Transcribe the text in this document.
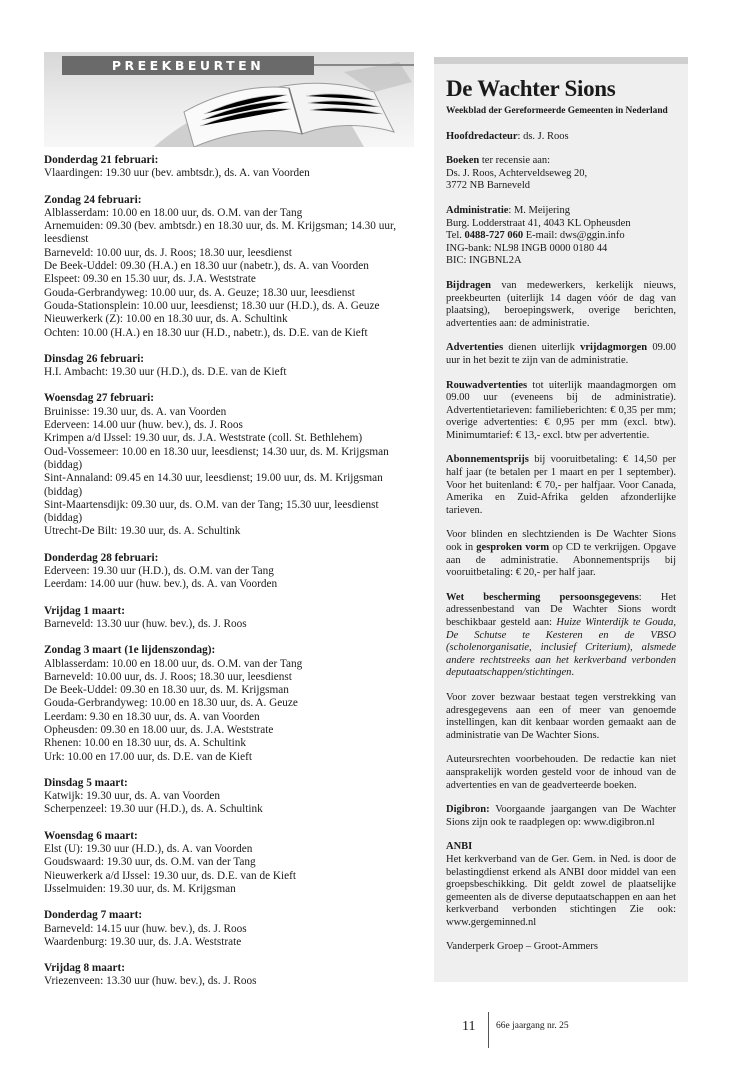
PREEKBEURTEN
Donderdag 21 februari:
Vlaardingen: 19.30 uur (bev. ambtsdr.), ds. A. van Voorden
Zondag 24 februari:
Alblasserdam: 10.00 en 18.00 uur, ds. O.M. van der Tang
Arnemuiden: 09.30 (bev. ambtsdr.) en 18.30 uur, ds. M. Krijgsman; 14.30 uur, leesdienst
Barneveld: 10.00 uur, ds. J. Roos; 18.30 uur, leesdienst
De Beek-Uddel: 09.30 (H.A.) en 18.30 uur (nabetr.), ds. A. van Voorden
Elspeet: 09.30 en 15.30 uur, ds. J.A. Weststrate
Gouda-Gerbrandyweg: 10.00 uur, ds. A. Geuze; 18.30 uur, leesdienst
Gouda-Stationsplein: 10.00 uur, leesdienst; 18.30 uur (H.D.), ds. A. Geuze
Nieuwerkerk (Z): 10.00 en 18.30 uur, ds. A. Schultink
Ochten: 10.00 (H.A.) en 18.30 uur (H.D., nabetr.), ds. D.E. van de Kieft
Dinsdag 26 februari:
H.I. Ambacht: 19.30 uur (H.D.), ds. D.E. van de Kieft
Woensdag 27 februari:
Bruinisse: 19.30 uur, ds. A. van Voorden
Ederveen: 14.00 uur (huw. bev.), ds. J. Roos
Krimpen a/d IJssel: 19.30 uur, ds. J.A. Weststrate (coll. St. Bethlehem)
Oud-Vossemeer: 10.00 en 18.30 uur, leesdienst; 14.30 uur, ds. M. Krijgsman (biddag)
Sint-Annaland: 09.45 en 14.30 uur, leesdienst; 19.00 uur, ds. M. Krijgsman (biddag)
Sint-Maartensdijk: 09.30 uur, ds. O.M. van der Tang; 15.30 uur, leesdienst (biddag)
Utrecht-De Bilt: 19.30 uur, ds. A. Schultink
Donderdag 28 februari:
Ederveen: 19.30 uur (H.D.), ds. O.M. van der Tang
Leerdam: 14.00 uur (huw. bev.), ds. A. van Voorden
Vrijdag 1 maart:
Barneveld: 13.30 uur (huw. bev.), ds. J. Roos
Zondag 3 maart (1e lijdenszondag):
Alblasserdam: 10.00 en 18.00 uur, ds. O.M. van der Tang
Barneveld: 10.00 uur, ds. J. Roos; 18.30 uur, leesdienst
De Beek-Uddel: 09.30 en 18.30 uur, ds. M. Krijgsman
Gouda-Gerbrandyweg: 10.00 en 18.30 uur, ds. A. Geuze
Leerdam: 9.30 en 18.30 uur, ds. A. van Voorden
Opheusden: 09.30 en 18.00 uur, ds. J.A. Weststrate
Rhenen: 10.00 en 18.30 uur, ds. A. Schultink
Urk: 10.00 en 17.00 uur, ds. D.E. van de Kieft
Dinsdag 5 maart:
Katwijk: 19.30 uur, ds. A. van Voorden
Scherpenzeel: 19.30 uur (H.D.), ds. A. Schultink
Woensdag 6 maart:
Elst (U): 19.30 uur (H.D.), ds. A. van Voorden
Goudswaard: 19.30 uur, ds. O.M. van der Tang
Nieuwerkerk a/d IJssel: 19.30 uur, ds. D.E. van de Kieft
IJsselmuiden: 19.30 uur, ds. M. Krijgsman
Donderdag 7 maart:
Barneveld: 14.15 uur (huw. bev.), ds. J. Roos
Waardenburg: 19.30 uur, ds. J.A. Weststrate
Vrijdag 8 maart:
Vriezenveen: 13.30 uur (huw. bev.), ds. J. Roos
De Wachter Sions
Weekblad der Gereformeerde Gemeenten in Nederland
Hoofdredacteur: ds. J. Roos
Boeken ter recensie aan:
Ds. J. Roos, Achterveldseweg 20,
3772 NB Barneveld
Administratie: M. Meijering
Burg. Lodderstraat 41, 4043 KL Opheusden
Tel. 0488-727 060 E-mail: dws@ggin.info
ING-bank: NL98 INGB 0000 0180 44
BIC: INGBNL2A
Bijdragen van medewerkers, kerkelijk nieuws, preekbeurten (uiterlijk 14 dagen vóór de dag van plaatsing), beroepingswerk, overige berichten, advertenties aan: de administratie.
Advertenties dienen uiterlijk vrijdagmorgen 09.00 uur in het bezit te zijn van de administratie.
Rouwadvertenties tot uiterlijk maandagmorgen om 09.00 uur (eveneens bij de administratie). Advertentietarieven: familieberichten: € 0,35 per mm; overige advertenties: € 0,95 per mm (excl. btw). Minimumtarief: € 13,- excl. btw per advertentie.
Abonnementsprijs bij vooruitbetaling: € 14,50 per half jaar (te betalen per 1 maart en per 1 september). Voor het buitenland: € 70,- per halfjaar. Voor Canada, Amerika en Zuid-Afrika gelden afzonderlijke tarieven.
Voor blinden en slechtzienden is De Wachter Sions ook in gesproken vorm op CD te verkrijgen. Opgave aan de administratie. Abonnementsprijs bij vooruitbetaling: € 20,- per half jaar.
Wet bescherming persoonsgegevens: Het adressenbestand van De Wachter Sions wordt beschikbaar gesteld aan: Huize Winterdijk te Gouda, De Schutse te Kesteren en de VBSO (scholenorganisatie, inclusief Criterium), alsmede andere rechtstreeks aan het kerkverband verbonden deputaatschappen/stichtingen.
Voor zover bezwaar bestaat tegen verstrekking van adresgegevens aan een of meer van genoemde instellingen, kan dit kenbaar worden gemaakt aan de administratie van De Wachter Sions.
Auteursrechten voorbehouden. De redactie kan niet aansprakelijk worden gesteld voor de inhoud van de advertenties en van de geadverteerde boeken.
Digibron: Voorgaande jaargangen van De Wachter Sions zijn ook te raadplegen op: www.digibron.nl
ANBI
Het kerkverband van de Ger. Gem. in Ned. is door de belastingdienst erkend als ANBI door middel van een groepsbeschikking. Dit geldt zowel de plaatselijke gemeenten als de diverse deputaatschappen en aan het kerkverband verbonden stichtingen Zie ook: www.gergeminned.nl
Vanderperk Groep – Groot-Ammers
11 66e jaargang nr. 25
